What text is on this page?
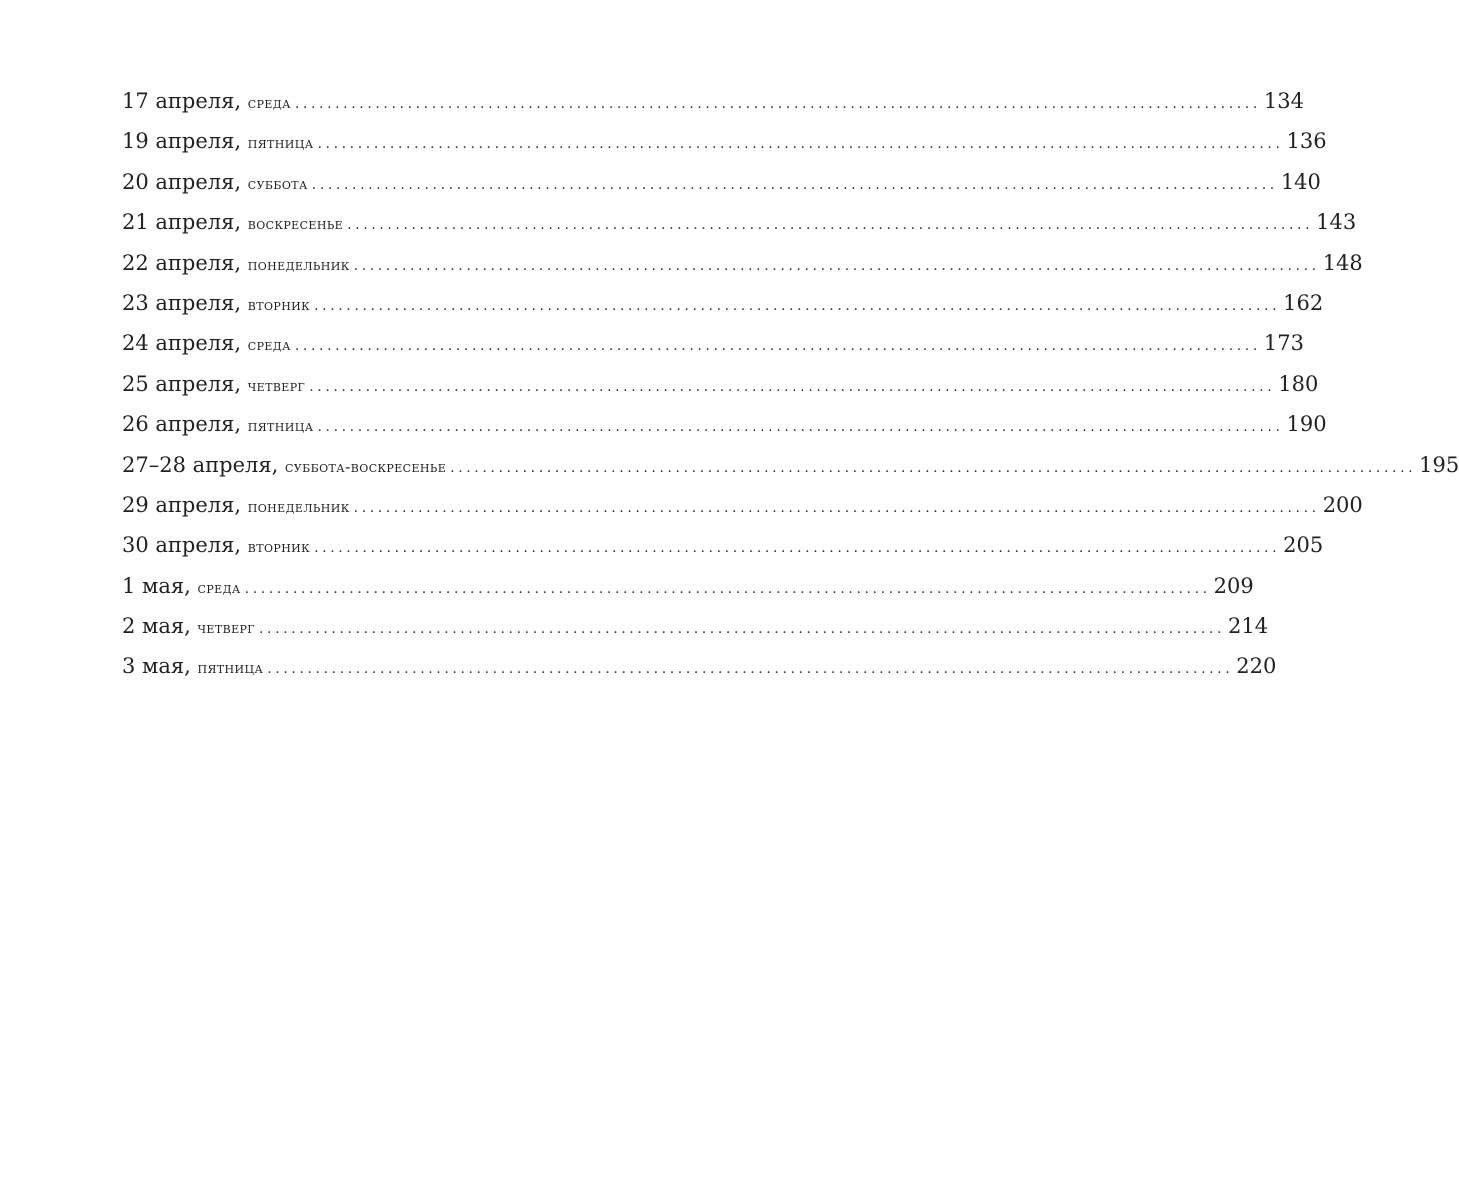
17 апреля,
среда ........................................................................................................................ 134
19 апреля,
пятница ........................................................................................................................ 136
20 апреля,
суббота ........................................................................................................................ 140
21 апреля,
воскресенье ........................................................................................................................ 143
22 апреля,
понедельник ........................................................................................................................ 148
23 апреля,
вторник ........................................................................................................................ 162
24 апреля,
среда ........................................................................................................................ 173
25 апреля,
четверг ........................................................................................................................ 180
26 апреля,
пятница ........................................................................................................................ 190
27–28 апреля,
суббота-воскресенье ........................................................................................................................ 195
29 апреля,
понедельник ........................................................................................................................ 200
30 апреля,
вторник ........................................................................................................................ 205
1 мая,
среда ........................................................................................................................ 209
2 мая,
четверг ........................................................................................................................ 214
3 мая,
пятница ........................................................................................................................ 220
